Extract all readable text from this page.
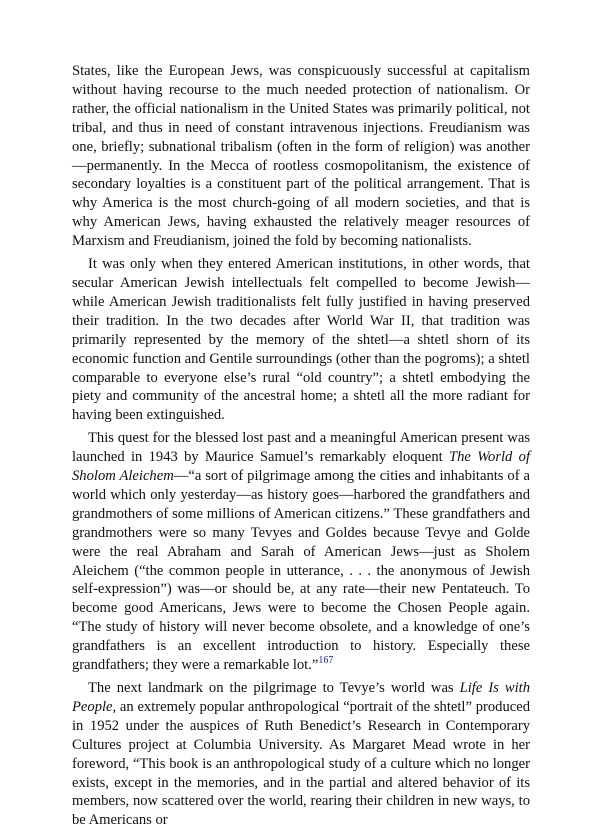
States, like the European Jews, was conspicuously successful at capitalism without having recourse to the much needed protection of nationalism. Or rather, the official nationalism in the United States was primarily political, not tribal, and thus in need of constant intravenous injections. Freudianism was one, briefly; subnational tribalism (often in the form of religion) was another—permanently. In the Mecca of rootless cosmopolitanism, the existence of secondary loyalties is a constituent part of the political arrangement. That is why America is the most church-going of all modern societies, and that is why American Jews, having exhausted the relatively meager resources of Marxism and Freudianism, joined the fold by becoming nationalists.

It was only when they entered American institutions, in other words, that secular American Jewish intellectuals felt compelled to become Jewish—while American Jewish traditionalists felt fully justified in having preserved their tradition. In the two decades after World War II, that tradition was primarily represented by the memory of the shtetl—a shtetl shorn of its economic function and Gentile surroundings (other than the pogroms); a shtetl comparable to everyone else’s rural “old country”; a shtetl embodying the piety and community of the ancestral home; a shtetl all the more radiant for having been extinguished.

This quest for the blessed lost past and a meaningful American present was launched in 1943 by Maurice Samuel’s remarkably eloquent The World of Sholom Aleichem—“a sort of pilgrimage among the cities and inhabitants of a world which only yesterday—as history goes—harbored the grandfathers and grandmothers of some millions of American citizens.” These grandfathers and grandmothers were so many Tevyes and Goldes because Tevye and Golde were the real Abraham and Sarah of American Jews—just as Sholem Aleichem (“the common people in utterance, . . . the anonymous of Jewish self-expression”) was—or should be, at any rate—their new Pentateuch. To become good Americans, Jews were to become the Chosen People again. “The study of history will never become obsolete, and a knowledge of one’s grandfathers is an excellent introduction to history. Especially these grandfathers; they were a remarkable lot.”$^{167}$

The next landmark on the pilgrimage to Tevye’s world was Life Is with People, an extremely popular anthropological “portrait of the shtetl” produced in 1952 under the auspices of Ruth Benedict’s Research in Contemporary Cultures project at Columbia University. As Margaret Mead wrote in her foreword, “This book is an anthropological study of a culture which no longer exists, except in the memories, and in the partial and altered behavior of its members, now scattered over the world, rearing their children in new ways, to be Americans or
